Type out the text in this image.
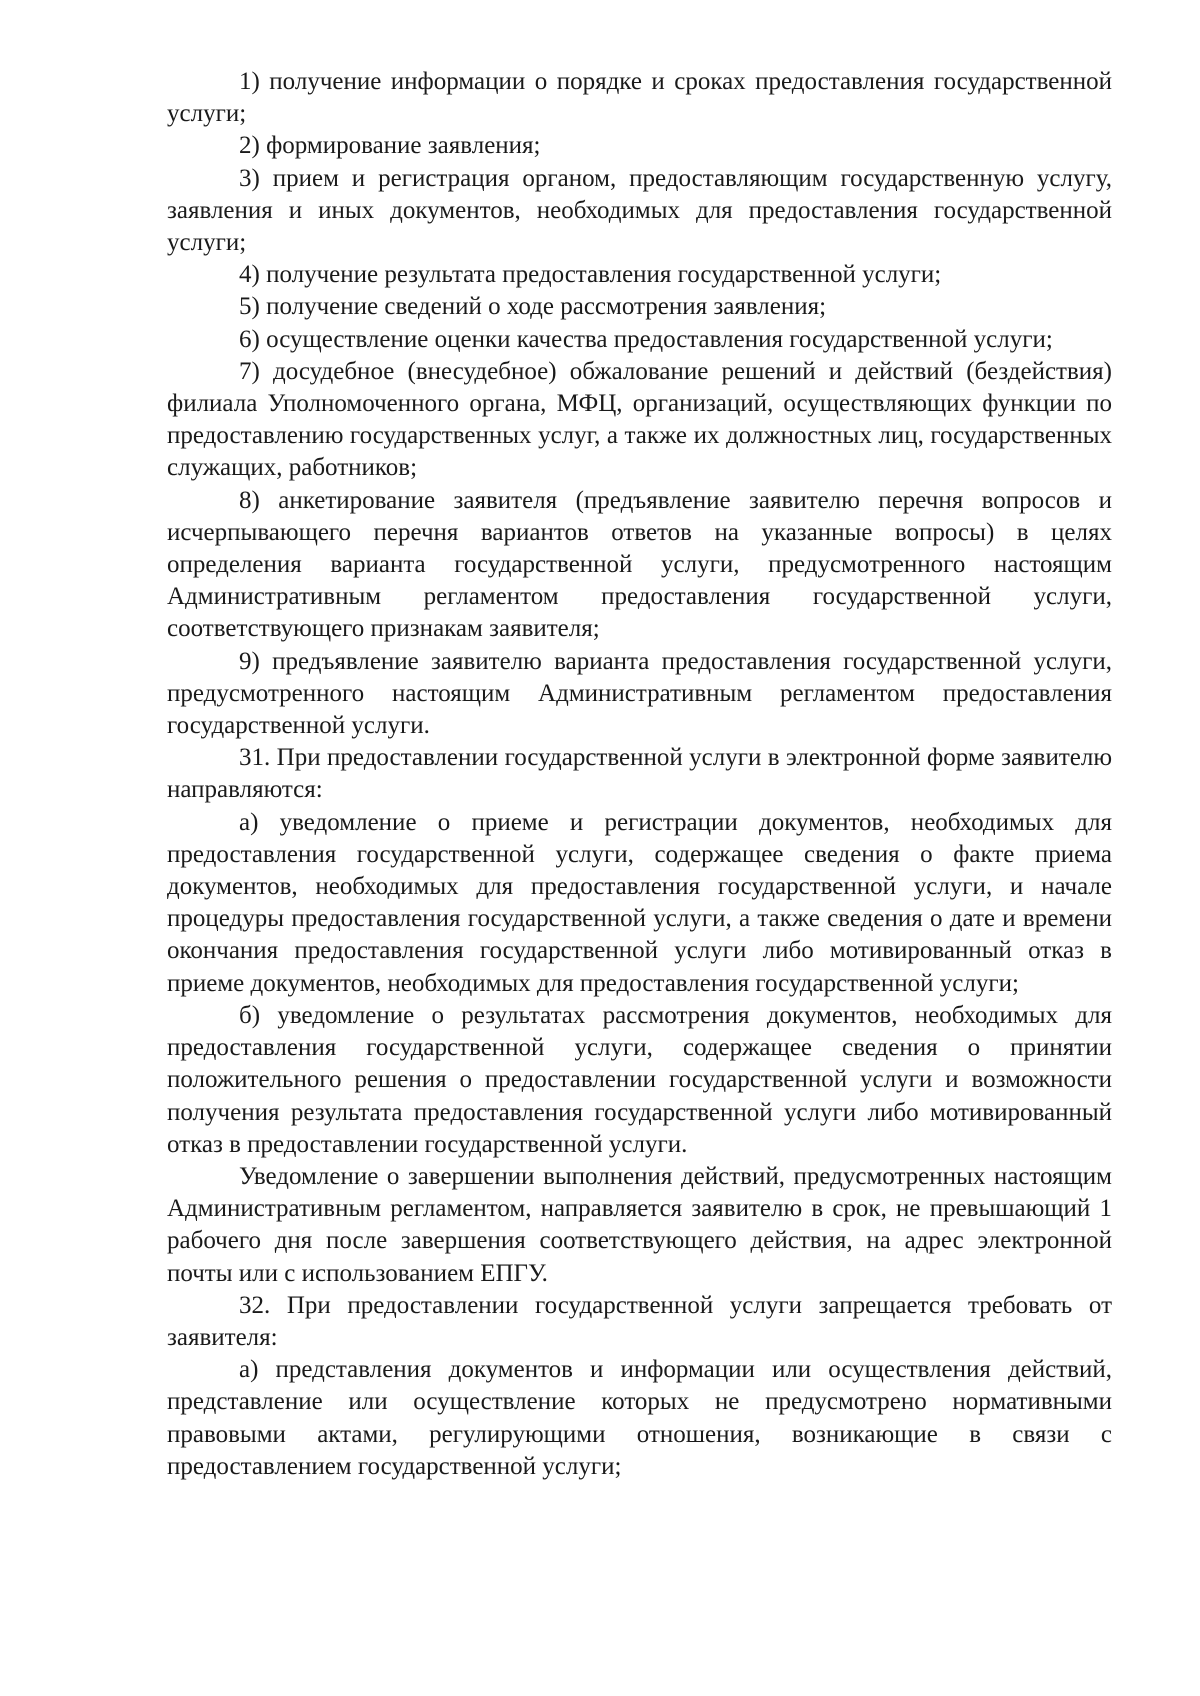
1) получение информации о порядке и сроках предоставления государственной услуги;

2) формирование заявления;

3) прием и регистрация органом, предоставляющим государственную услугу, заявления и иных документов, необходимых для предоставления государственной услуги;

4) получение результата предоставления государственной услуги;

5) получение сведений о ходе рассмотрения заявления;

6) осуществление оценки качества предоставления государственной услуги;

7) досудебное (внесудебное) обжалование решений и действий (бездействия) филиала Уполномоченного органа, МФЦ, организаций, осуществляющих функции по предоставлению государственных услуг, а также их должностных лиц, государственных служащих, работников;

8) анкетирование заявителя (предъявление заявителю перечня вопросов и исчерпывающего перечня вариантов ответов на указанные вопросы) в целях определения варианта государственной услуги, предусмотренного настоящим Административным регламентом предоставления государственной услуги, соответствующего признакам заявителя;

9) предъявление заявителю варианта предоставления государственной услуги, предусмотренного настоящим Административным регламентом предоставления государственной услуги.

31. При предоставлении государственной услуги в электронной форме заявителю направляются:

а) уведомление о приеме и регистрации документов, необходимых для предоставления государственной услуги, содержащее сведения о факте приема документов, необходимых для предоставления государственной услуги, и начале процедуры предоставления государственной услуги, а также сведения о дате и времени окончания предоставления государственной услуги либо мотивированный отказ в приеме документов, необходимых для предоставления государственной услуги;

б) уведомление о результатах рассмотрения документов, необходимых для предоставления государственной услуги, содержащее сведения о принятии положительного решения о предоставлении государственной услуги и возможности получения результата предоставления государственной услуги либо мотивированный отказ в предоставлении государственной услуги.

Уведомление о завершении выполнения действий, предусмотренных настоящим Административным регламентом, направляется заявителю в срок, не превышающий 1 рабочего дня после завершения соответствующего действия, на адрес электронной почты или с использованием ЕПГУ.

32. При предоставлении государственной услуги запрещается требовать от заявителя:

а) представления документов и информации или осуществления действий, представление или осуществление которых не предусмотрено нормативными правовыми актами, регулирующими отношения, возникающие в связи с предоставлением государственной услуги;
